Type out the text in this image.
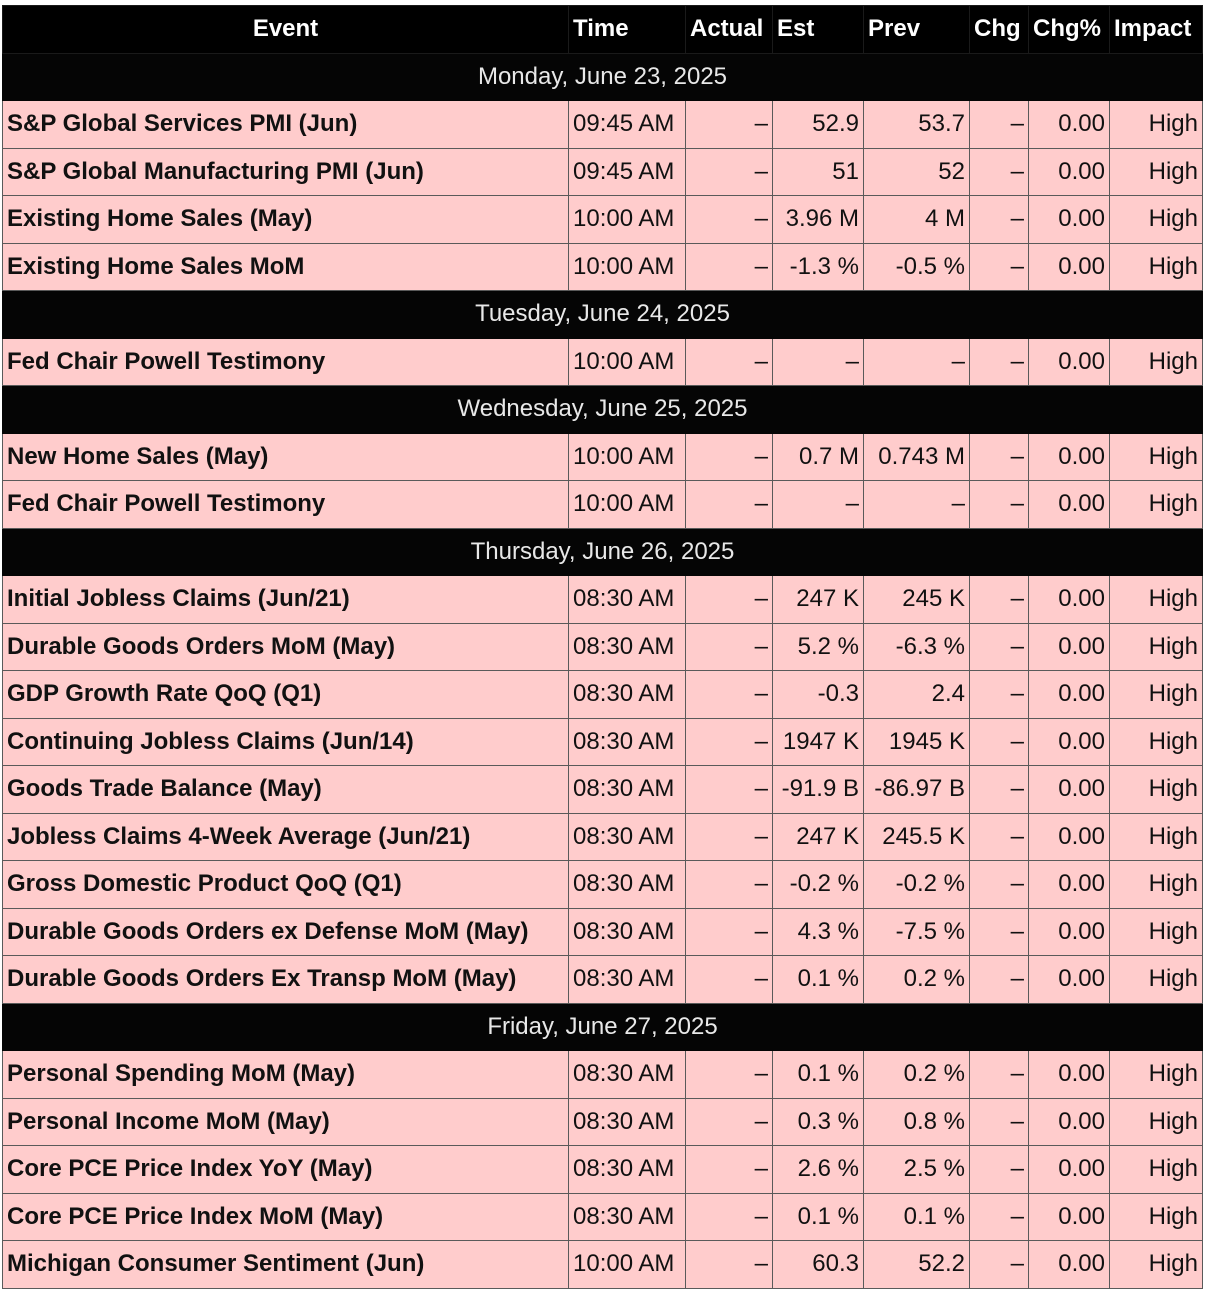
Event	Time	Actual	Est	Prev	Chg	Chg%	Impact
Monday, June 23, 2025							
S&P Global Services PMI (Jun)	09:45 AM	–	52.9	53.7	–	0.00	High
S&P Global Manufacturing PMI (Jun)	09:45 AM	–	51	52	–	0.00	High
Existing Home Sales (May)	10:00 AM	–	3.96 M	4 M	–	0.00	High
Existing Home Sales MoM	10:00 AM	–	-1.3 %	-0.5 %	–	0.00	High
Tuesday, June 24, 2025							
Fed Chair Powell Testimony	10:00 AM	–	–	–	–	0.00	High
Wednesday, June 25, 2025							
New Home Sales (May)	10:00 AM	–	0.7 M	0.743 M	–	0.00	High
Fed Chair Powell Testimony	10:00 AM	–	–	–	–	0.00	High
Thursday, June 26, 2025							
Initial Jobless Claims (Jun/21)	08:30 AM	–	247 K	245 K	–	0.00	High
Durable Goods Orders MoM (May)	08:30 AM	–	5.2 %	-6.3 %	–	0.00	High
GDP Growth Rate QoQ (Q1)	08:30 AM	–	-0.3	2.4	–	0.00	High
Continuing Jobless Claims (Jun/14)	08:30 AM	–	1947 K	1945 K	–	0.00	High
Goods Trade Balance (May)	08:30 AM	–	-91.9 B	-86.97 B	–	0.00	High
Jobless Claims 4-Week Average (Jun/21)	08:30 AM	–	247 K	245.5 K	–	0.00	High
Gross Domestic Product QoQ (Q1)	08:30 AM	–	-0.2 %	-0.2 %	–	0.00	High
Durable Goods Orders ex Defense MoM (May)	08:30 AM	–	4.3 %	-7.5 %	–	0.00	High
Durable Goods Orders Ex Transp MoM (May)	08:30 AM	–	0.1 %	0.2 %	–	0.00	High
Friday, June 27, 2025							
Personal Spending MoM (May)	08:30 AM	–	0.1 %	0.2 %	–	0.00	High
Personal Income MoM (May)	08:30 AM	–	0.3 %	0.8 %	–	0.00	High
Core PCE Price Index YoY (May)	08:30 AM	–	2.6 %	2.5 %	–	0.00	High
Core PCE Price Index MoM (May)	08:30 AM	–	0.1 %	0.1 %	–	0.00	High
Michigan Consumer Sentiment (Jun)	10:00 AM	–	60.3	52.2	–	0.00	High
